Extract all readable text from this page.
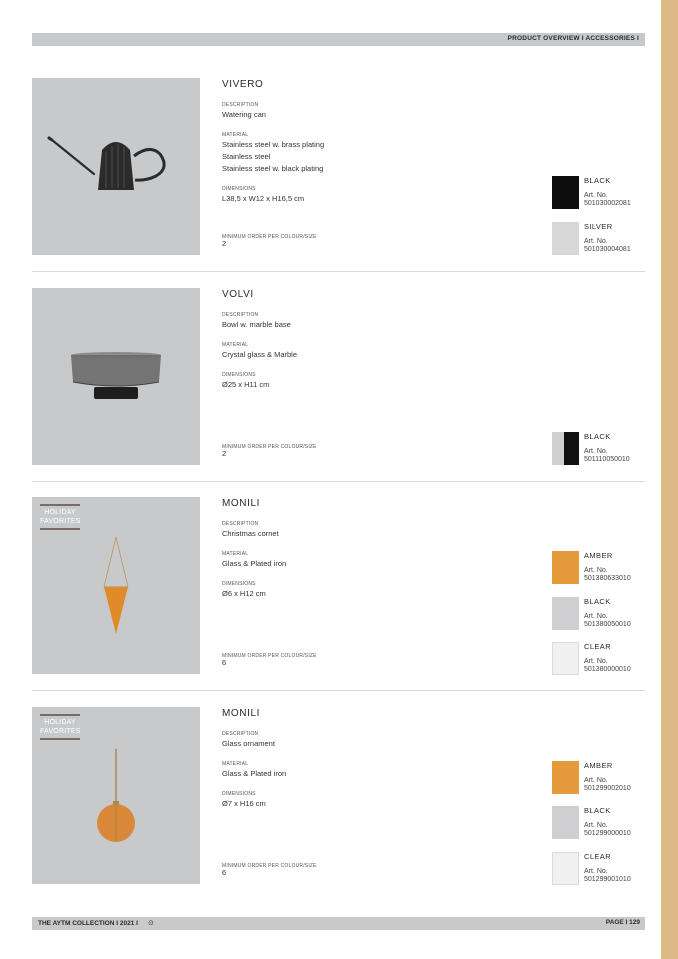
PRODUCT OVERVIEW I ACCESSORIES I
VIVERO
DESCRIPTION
Watering can
MATERIAL
Stainless steel w. brass plating
Stainless steel
Stainless steel w. black plating
DIMENSIONS
L38,5 x W12 x H16,5 cm
MINIMUM ORDER PER COLOUR/SIZE
2
BLACK
Art. No.
501030002081
SILVER
Art. No.
501030004081
VOLVI
DESCRIPTION
Bowl w. marble base
MATERIAL
Crystal glass & Marble
DIMENSIONS
Ø25 x H11 cm
MINIMUM ORDER PER COLOUR/SIZE
2
BLACK
Art. No.
501110050010
HOLIDAY
FAVORITES
MONILI
DESCRIPTION
Christmas cornet
MATERIAL
Glass & Plated iron
DIMENSIONS
Ø6 x H12 cm
MINIMUM ORDER PER COLOUR/SIZE
6
AMBER
Art. No.
501380633010
BLACK
Art. No.
501380050010
CLEAR
Art. No.
501380000010
HOLIDAY
FAVORITES
MONILI
DESCRIPTION
Glass ornament
MATERIAL
Glass & Plated iron
DIMENSIONS
Ø7 x H16 cm
MINIMUM ORDER PER COLOUR/SIZE
6
AMBER
Art. No.
501299002010
BLACK
Art. No.
501299000010
CLEAR
Art. No.
501299001010
THE AYTM COLLECTION I 2021 I ⊙	PAGE I 129
